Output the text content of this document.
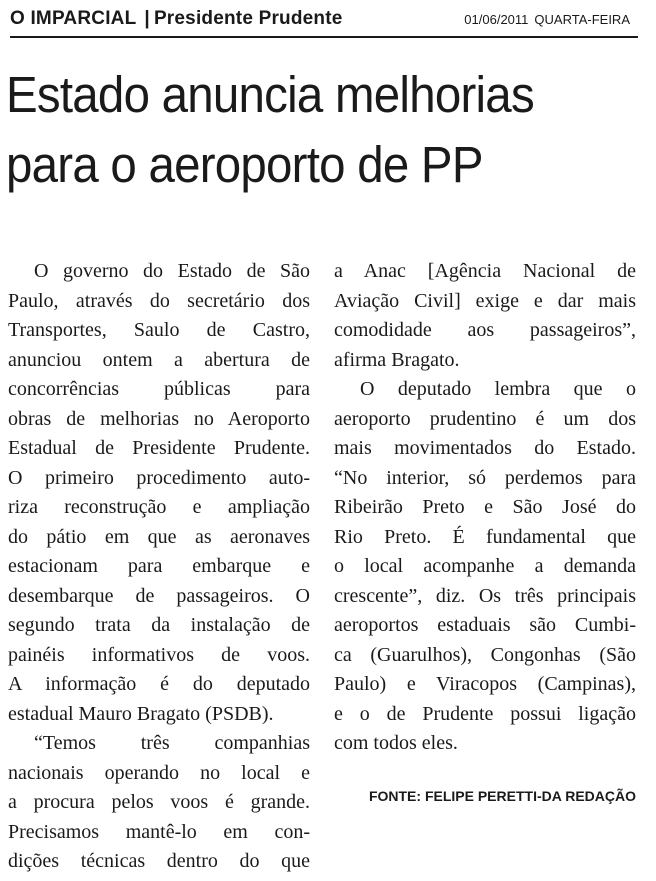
O IMPARCIAL | Presidente Prudente	01/06/2011 QUARTA-FEIRA
Estado anuncia melhorias
para o aeroporto de PP
O governo do Estado de São
Paulo, através do secretário dos
Transportes, Saulo de Castro,
anunciou ontem a abertura de
concorrências públicas para
obras de melhorias no Aeroporto
Estadual de Presidente Prudente.
O primeiro procedimento auto-
riza reconstrução e ampliação
do pátio em que as aeronaves
estacionam para embarque e
desembarque de passageiros. O
segundo trata da instalação de
painéis informativos de voos.
A informação é do deputado
estadual Mauro Bragato (PSDB).
“Temos três companhias
nacionais operando no local e
a procura pelos voos é grande.
Precisamos mantê-lo em con-
dições técnicas dentro do que
a Anac [Agência Nacional de
Aviação Civil] exige e dar mais
comodidade aos passageiros”,
afirma Bragato.
O deputado lembra que o
aeroporto prudentino é um dos
mais movimentados do Estado.
“No interior, só perdemos para
Ribeirão Preto e São José do
Rio Preto. É fundamental que
o local acompanhe a demanda
crescente”, diz. Os três principais
aeroportos estaduais são Cumbi-
ca (Guarulhos), Congonhas (São
Paulo) e Viracopos (Campinas),
e o de Prudente possui ligação
com todos eles.
FONTE: FELIPE PERETTI-DA REDAÇÃO
